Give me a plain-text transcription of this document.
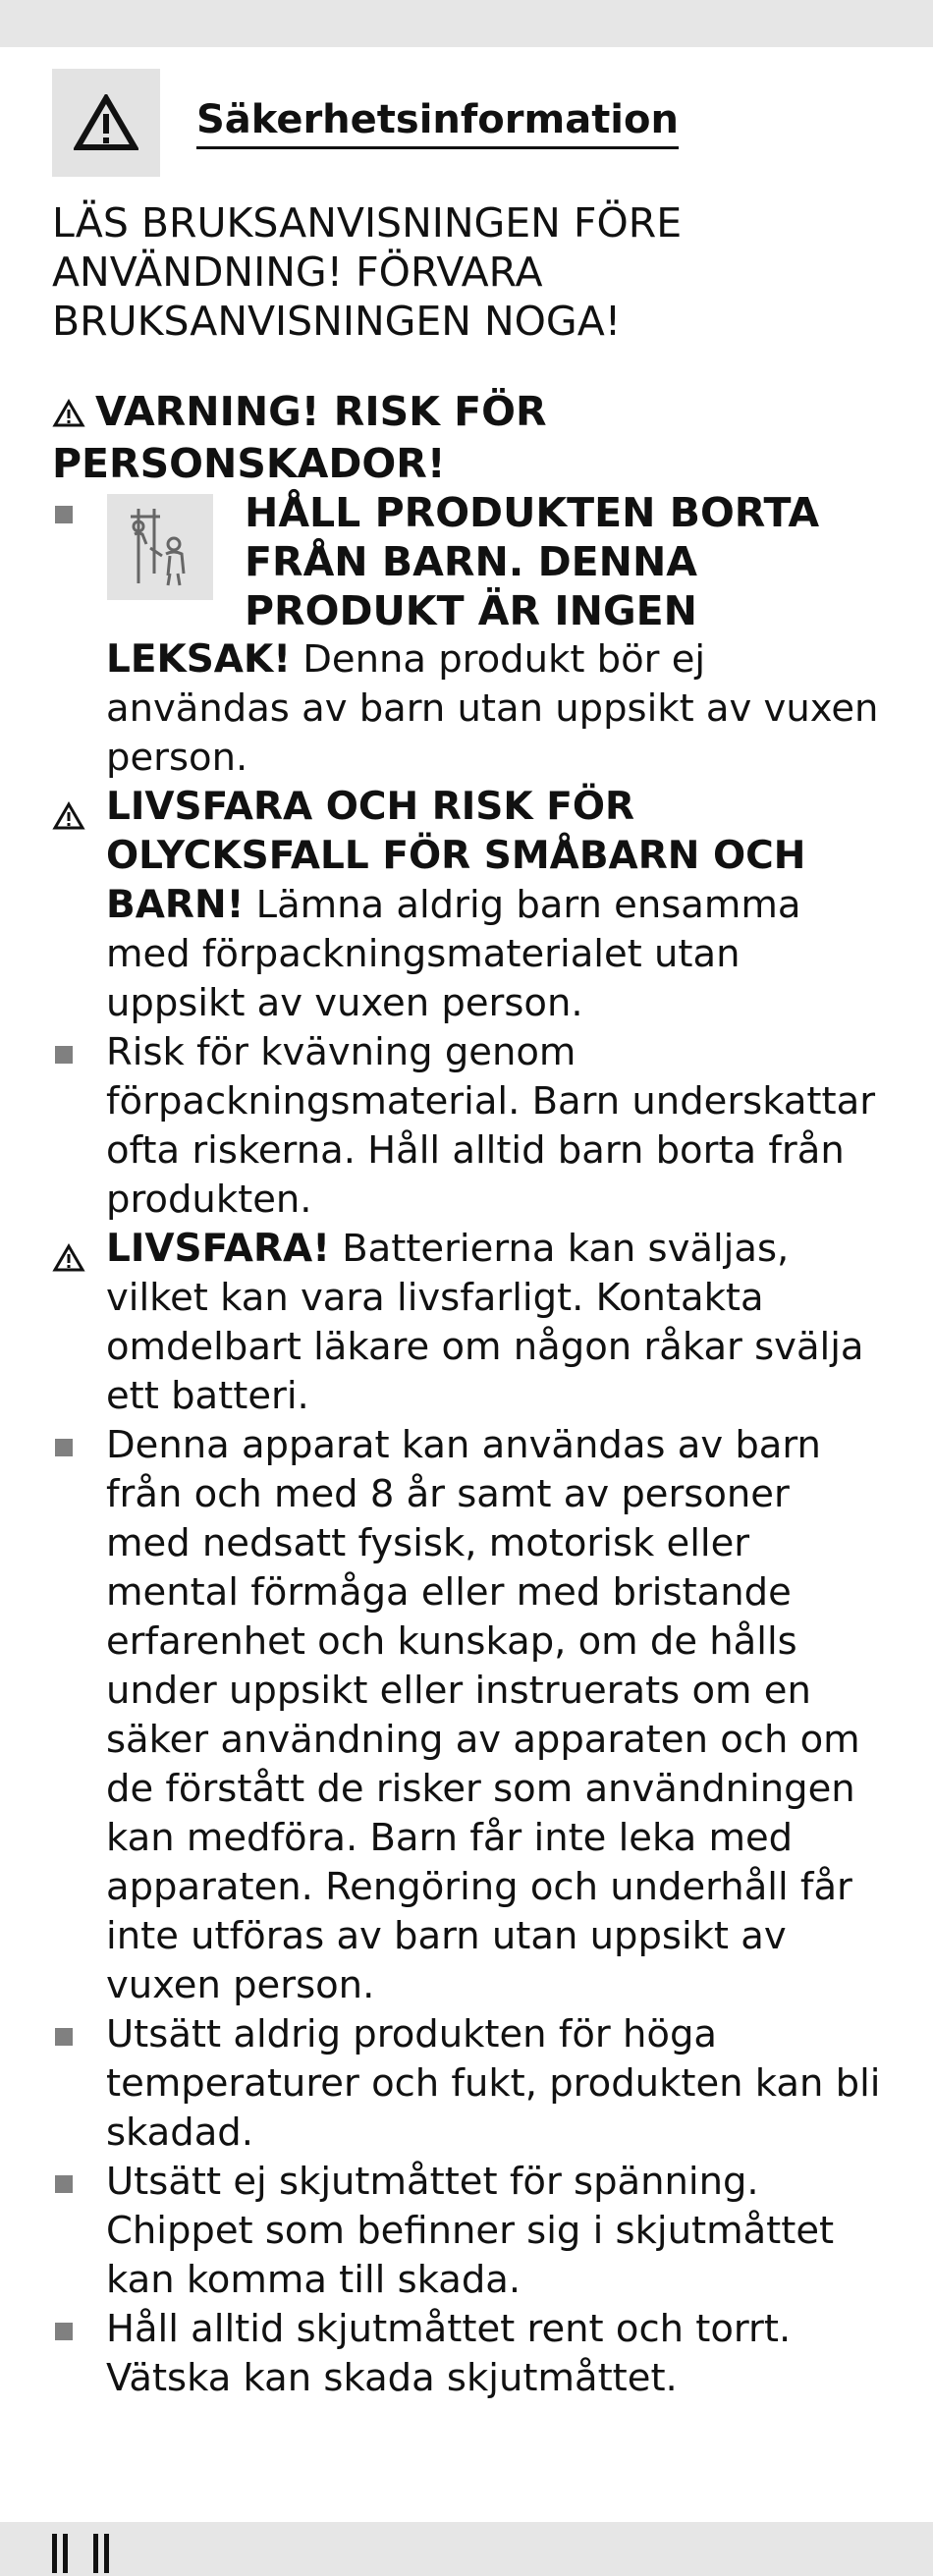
Säkerhetsinformation
LÄS BRUKSANVISNINGEN FÖRE ANVÄNDNING! FÖRVARA BRUKSANVISNINGEN NOGA!
VARNING! RISK FÖR PERSONSKADOR!
HÅLL PRODUKTEN BORTA FRÅN BARN. DENNA PRODUKT ÄR INGEN
LEKSAK! Denna produkt bör ej användas av barn utan uppsikt av vuxen person.
LIVSFARA OCH RISK FÖR OLYCKSFALL FÖR SMÅBARN OCH BARN! Lämna aldrig barn ensamma med förpackningsmaterialet utan uppsikt av vuxen person.
Risk för kvävning genom förpackningsmaterial. Barn underskattar ofta riskerna. Håll alltid barn borta från produkten.
LIVSFARA! Batterierna kan sväljas, vilket kan vara livsfarligt. Kontakta omdelbart läkare om någon råkar svälja ett batteri.
Denna apparat kan användas av barn från och med 8 år samt av personer med nedsatt fysisk, motorisk eller mental förmåga eller med bristande erfarenhet och kunskap, om de hålls under uppsikt eller instruerats om en säker användning av apparaten och om de förstått de risker som användningen kan medföra. Barn får inte leka med apparaten. Rengöring och underhåll får inte utföras av barn utan uppsikt av vuxen person.
Utsätt aldrig produkten för höga temperaturer och fukt, produkten kan bli skadad.
Utsätt ej skjutmåttet för spänning. Chippet som befinner sig i skjutmåttet kan komma till skada.
Håll alltid skjutmåttet rent och torrt. Vätska kan skada skjutmåttet.
